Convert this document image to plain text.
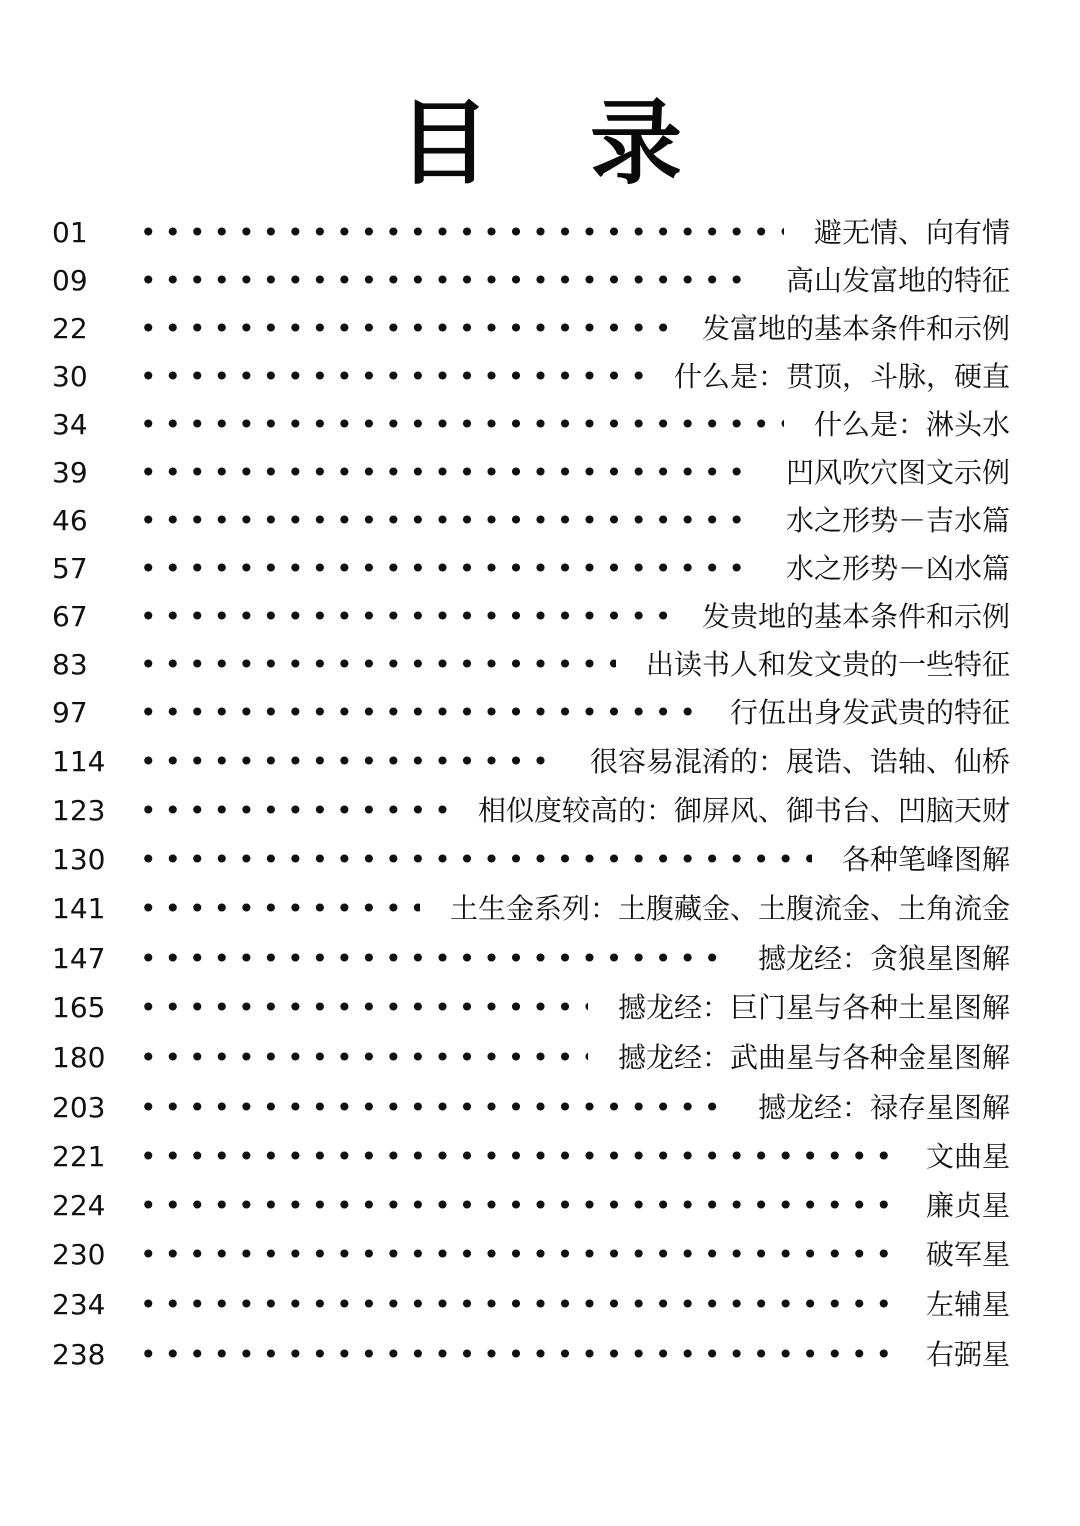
目 录
01 •••••	避无情、向有情
09 •••••	高山发富地的特征
22 •••••	发富地的基本条件和示例
30 •••••	什么是：贯顶，斗脉，硬直
34 •••••	什么是：淋头水
39 •••••	凹风吹穴图文示例
46 •••••	水之形势－吉水篇
57 •••••	水之形势－凶水篇
67 •••••	发贵地的基本条件和示例
83 •••••	出读书人和发文贵的一些特征
97 •••••	行伍出身发武贵的特征
114 •••••	很容易混淆的：展诰、诰轴、仙桥
123 •••••	相似度较高的：御屏风、御书台、凹脑天财
130 •••••	各种笔峰图解
141 •••••	土生金系列：土腹藏金、土腹流金、土角流金
147 •••••	撼龙经：贪狼星图解
165 •••••	撼龙经：巨门星与各种土星图解
180 •••••	撼龙经：武曲星与各种金星图解
203 •••••	撼龙经：禄存星图解
221 •••••	文曲星
224 •••••	廉贞星
230 •••••	破军星
234 •••••	左辅星
238 •••••	右弼星
